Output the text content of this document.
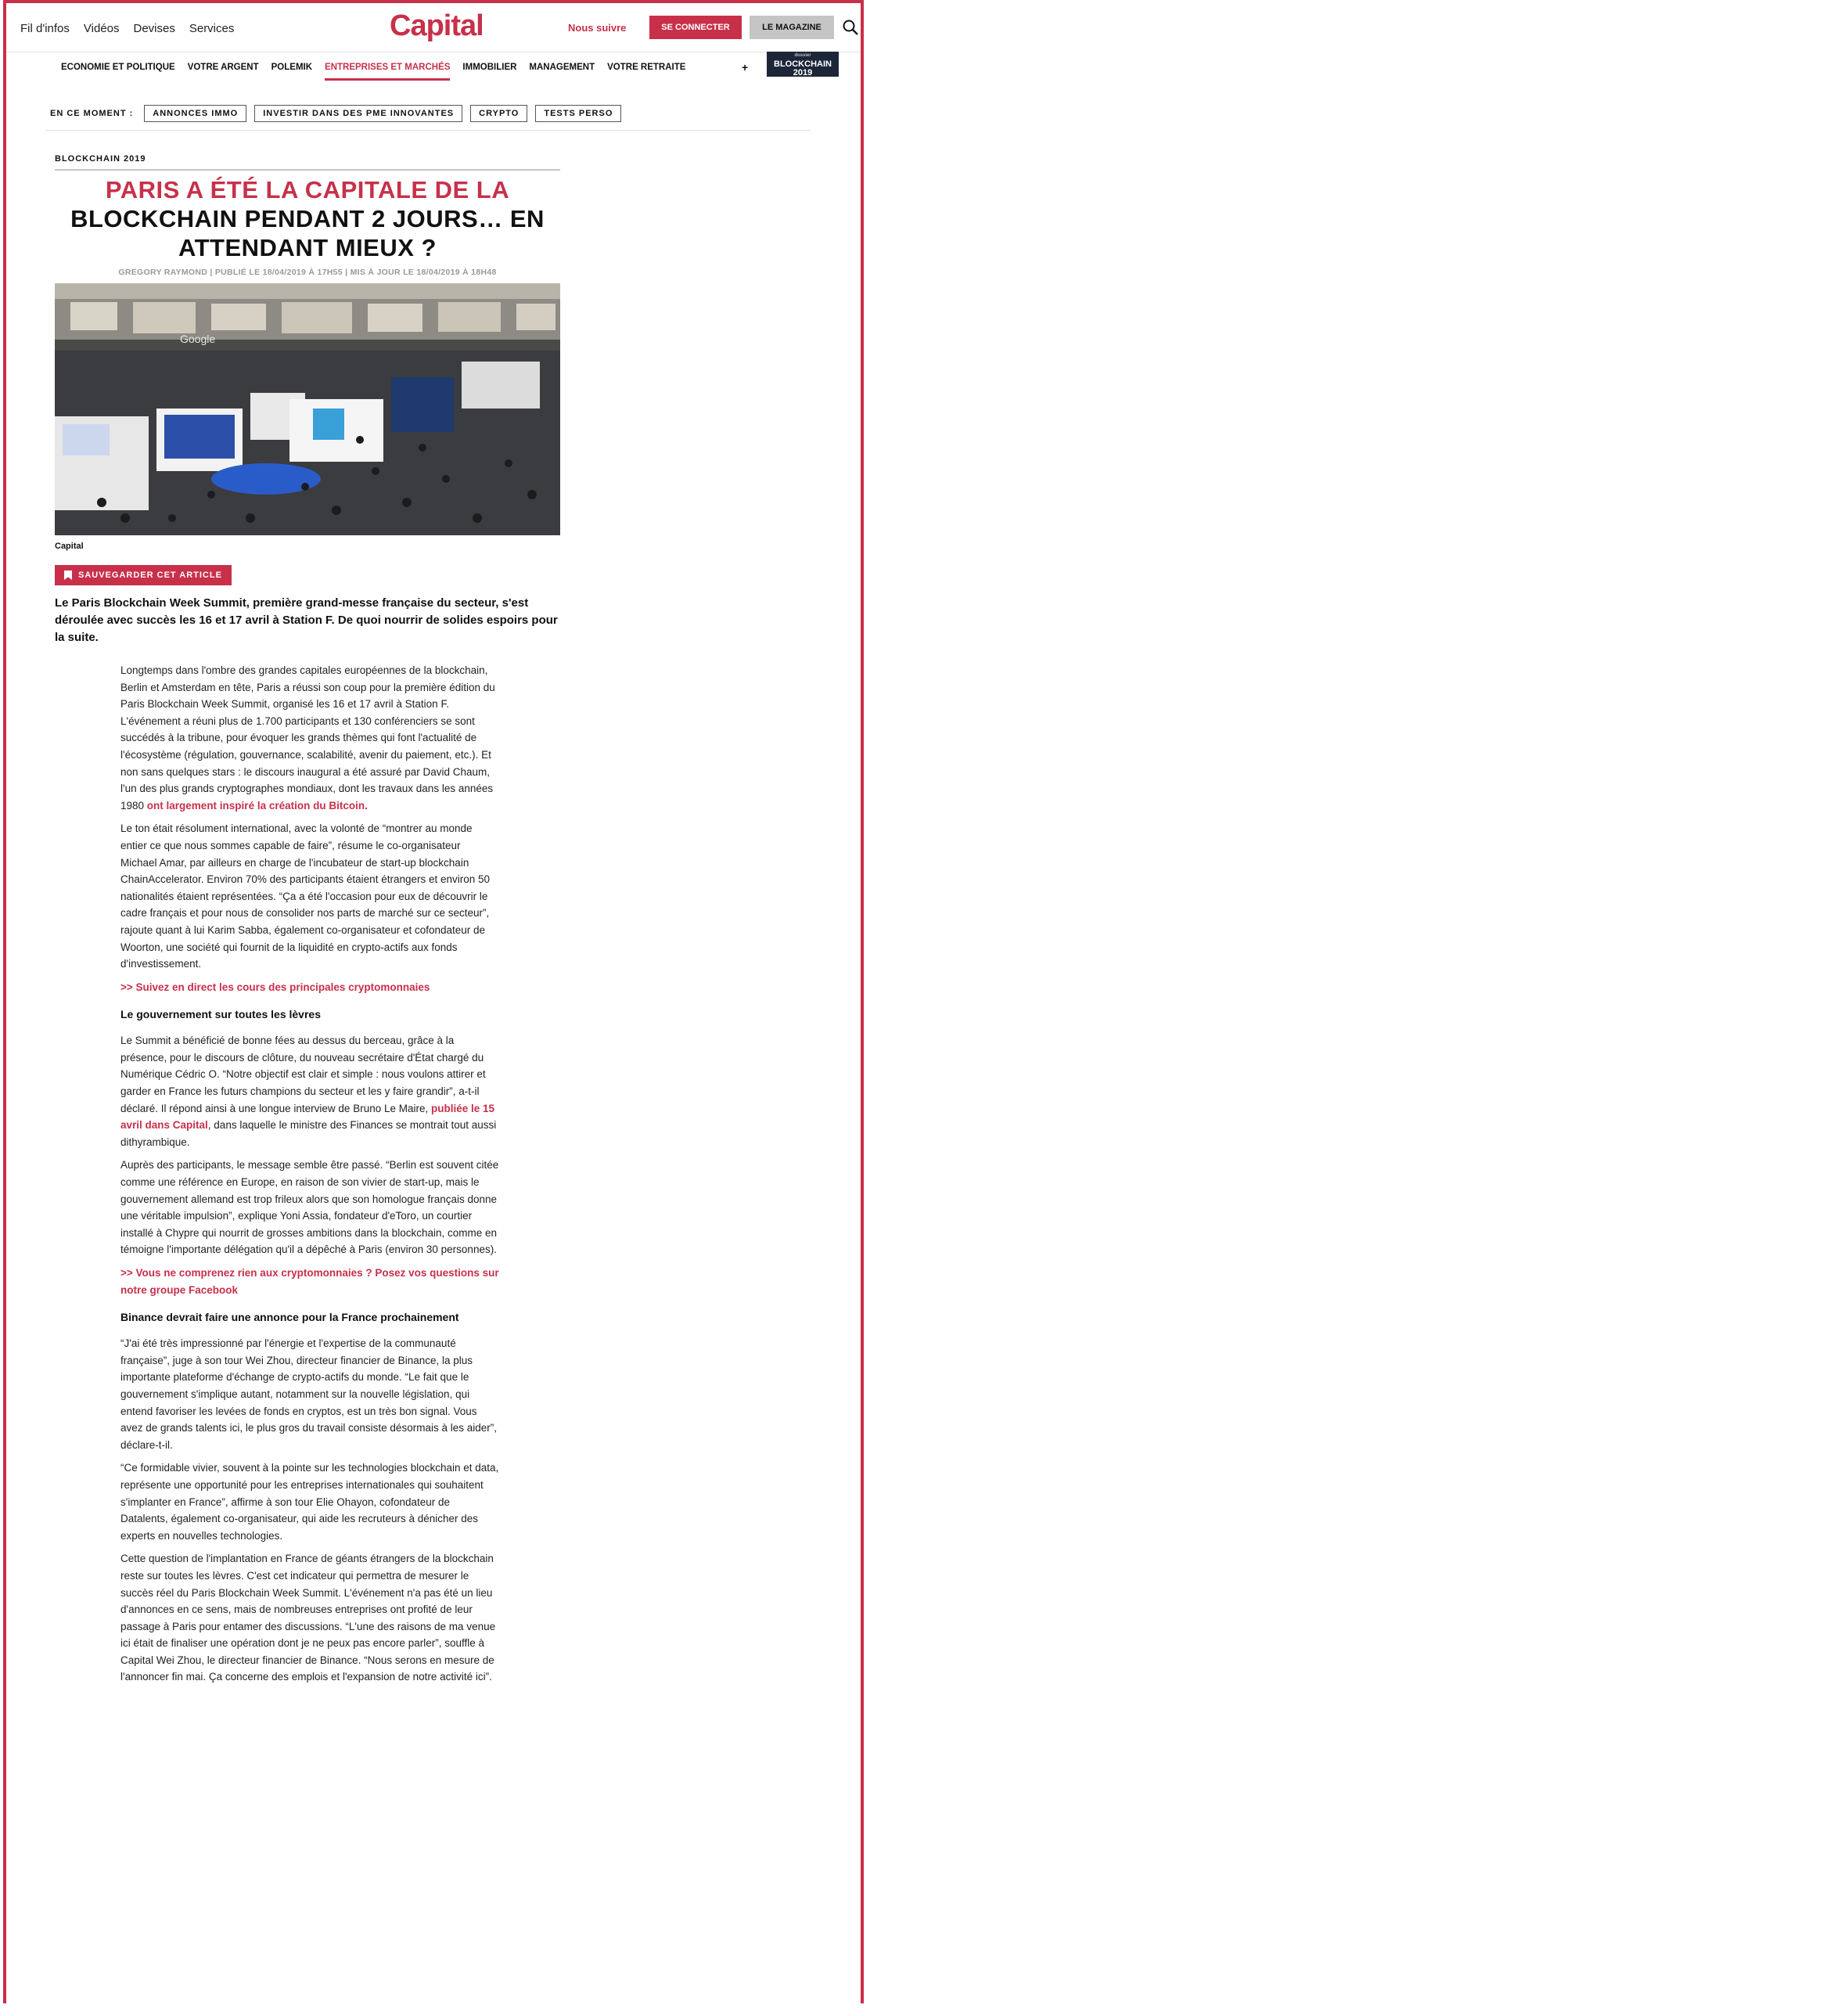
Fil d'infos Vidéos Devises Services	Capital	Nous suivre	SE CONNECTER	LE MAGAZINE
ECONOMIE ET POLITIQUE VOTRE ARGENT POLEMIK ENTREPRISES ET MARCHÉS IMMOBILIER MANAGEMENT VOTRE RETRAITE	+
dossier
BLOCKCHAIN
2019
EN CE MOMENT :	ANNONCES IMMO	INVESTIR DANS DES PME INNOVANTES	CRYPTO	TESTS PERSO
BLOCKCHAIN 2019
PARIS A ÉTÉ LA CAPITALE DE LA
BLOCKCHAIN PENDANT 2 JOURS… EN ATTENDANT MIEUX ?
GREGORY RAYMOND | PUBLIÉ LE 18/04/2019 À 17H55 | MIS À JOUR LE 18/04/2019 À 18H48
Google
Capital
SAUVEGARDER CET ARTICLE
Le Paris Blockchain Week Summit, première grand-messe française du secteur, s'est déroulée avec succès les 16 et 17 avril à Station F. De quoi nourrir de solides espoirs pour la suite.

Longtemps dans l'ombre des grandes capitales européennes de la blockchain, Berlin et Amsterdam en tête, Paris a réussi son coup pour la première édition du Paris Blockchain Week Summit, organisé les 16 et 17 avril à Station F. L'événement a réuni plus de 1.700 participants et 130 conférenciers se sont succédés à la tribune, pour évoquer les grands thèmes qui font l'actualité de l'écosystème (régulation, gouvernance, scalabilité, avenir du paiement, etc.). Et non sans quelques stars : le discours inaugural a été assuré par David Chaum, l'un des plus grands cryptographes mondiaux, dont les travaux dans les années 1980 ont largement inspiré la création du Bitcoin.

Le ton était résolument international, avec la volonté de “montrer au monde entier ce que nous sommes capable de faire”, résume le co-organisateur Michael Amar, par ailleurs en charge de l'incubateur de start-up blockchain ChainAccelerator. Environ 70% des participants étaient étrangers et environ 50 nationalités étaient représentées. “Ça a été l'occasion pour eux de découvrir le cadre français et pour nous de consolider nos parts de marché sur ce secteur”, rajoute quant à lui Karim Sabba, également co-organisateur et cofondateur de Woorton, une société qui fournit de la liquidité en crypto-actifs aux fonds d'investissement.

>> Suivez en direct les cours des principales cryptomonnaies

Le gouvernement sur toutes les lèvres

Le Summit a bénéficié de bonne fées au dessus du berceau, grâce à la présence, pour le discours de clôture, du nouveau secrétaire d'État chargé du Numérique Cédric O. “Notre objectif est clair et simple : nous voulons attirer et garder en France les futurs champions du secteur et les y faire grandir”, a-t-il déclaré. Il répond ainsi à une longue interview de Bruno Le Maire, publiée le 15 avril dans Capital, dans laquelle le ministre des Finances se montrait tout aussi dithyrambique.

Auprès des participants, le message semble être passé. “Berlin est souvent citée comme une référence en Europe, en raison de son vivier de start-up, mais le gouvernement allemand est trop frileux alors que son homologue français donne une véritable impulsion”, explique Yoni Assia, fondateur d'eToro, un courtier installé à Chypre qui nourrit de grosses ambitions dans la blockchain, comme en témoigne l'importante délégation qu'il a dépêché à Paris (environ 30 personnes).

>> Vous ne comprenez rien aux cryptomonnaies ? Posez vos questions sur notre groupe Facebook

Binance devrait faire une annonce pour la France prochainement

“J'ai été très impressionné par l'énergie et l'expertise de la communauté française”, juge à son tour Wei Zhou, directeur financier de Binance, la plus importante plateforme d'échange de crypto-actifs du monde. “Le fait que le gouvernement s'implique autant, notamment sur la nouvelle législation, qui entend favoriser les levées de fonds en cryptos, est un très bon signal. Vous avez de grands talents ici, le plus gros du travail consiste désormais à les aider”, déclare-t-il.

“Ce formidable vivier, souvent à la pointe sur les technologies blockchain et data, représente une opportunité pour les entreprises internationales qui souhaitent s'implanter en France”, affirme à son tour Elie Ohayon, cofondateur de Datalents, également co-organisateur, qui aide les recruteurs à dénicher des experts en nouvelles technologies.

Cette question de l'implantation en France de géants étrangers de la blockchain reste sur toutes les lèvres. C'est cet indicateur qui permettra de mesurer le succès réel du Paris Blockchain Week Summit. L'événement n'a pas été un lieu d'annonces en ce sens, mais de nombreuses entreprises ont profité de leur passage à Paris pour entamer des discussions. “L'une des raisons de ma venue ici était de finaliser une opération dont je ne peux pas encore parler”, souffle à Capital Wei Zhou, le directeur financier de Binance. “Nous serons en mesure de l'annoncer fin mai. Ça concerne des emplois et l'expansion de notre activité ici”.
